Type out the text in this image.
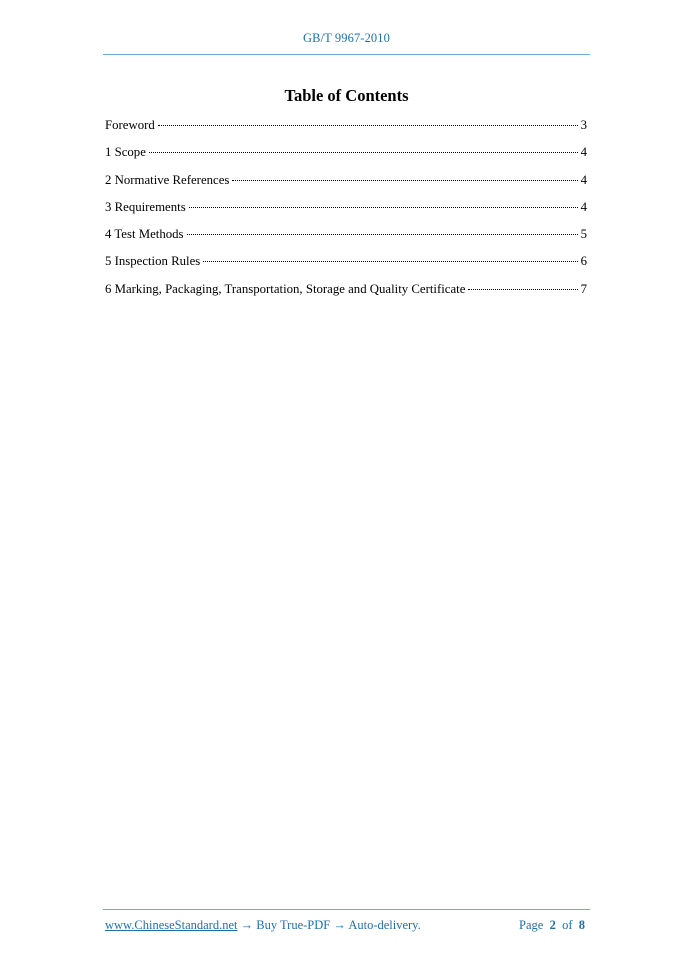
GB/T 9967-2010
Table of Contents
Foreword	3
1 Scope	4
2 Normative References	4
3 Requirements	4
4 Test Methods	5
5 Inspection Rules	6
6 Marking, Packaging, Transportation, Storage and Quality Certificate	7
www.ChineseStandard.net → Buy True-PDF → Auto-delivery.	Page 2 of 8
